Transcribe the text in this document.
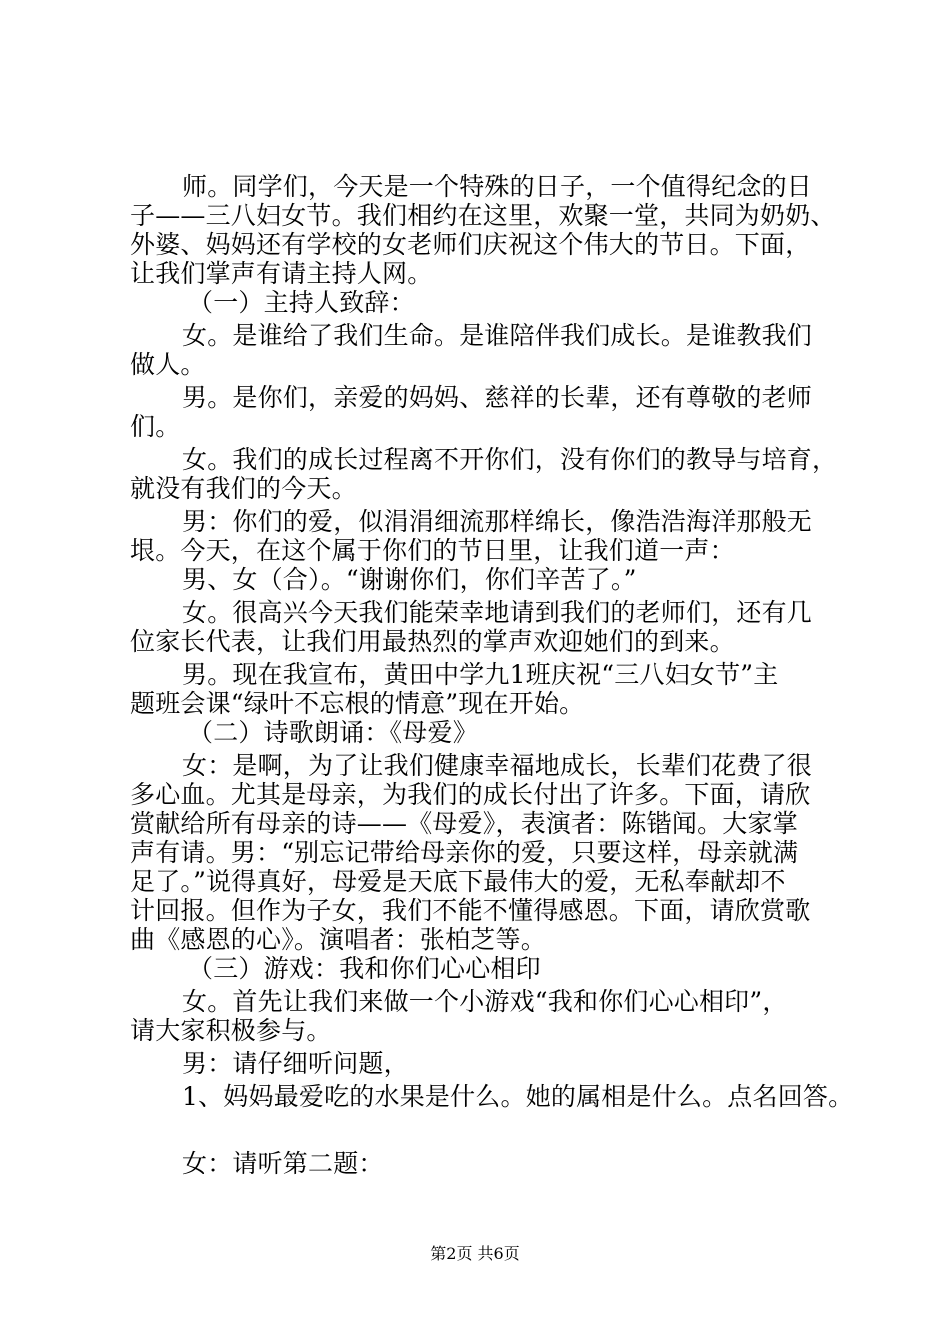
师。同学们，今天是一个特殊的日子，一个值得纪念的日
子——三八妇女节。我们相约在这里，欢聚一堂，共同为奶奶、
外婆、妈妈还有学校的女老师们庆祝这个伟大的节日。下面，
让我们掌声有请主持人网。
（一）主持人致辞：
女。是谁给了我们生命。是谁陪伴我们成长。是谁教我们
做人。
男。是你们，亲爱的妈妈、慈祥的长辈，还有尊敬的老师
们。
女。我们的成长过程离不开你们，没有你们的教导与培育，
就没有我们的今天。
男：你们的爱，似涓涓细流那样绵长，像浩浩海洋那般无
垠。今天，在这个属于你们的节日里，让我们道一声：
男、女（合）。“谢谢你们，你们辛苦了。”
女。很高兴今天我们能荣幸地请到我们的老师们，还有几
位家长代表，让我们用最热烈的掌声欢迎她们的到来。
男。现在我宣布，黄田中学九1班庆祝“三八妇女节”主
题班会课“绿叶不忘根的情意”现在开始。
（二）诗歌朗诵：《母爱》
女：是啊，为了让我们健康幸福地成长，长辈们花费了很
多心血。尤其是母亲，为我们的成长付出了许多。下面，请欣
赏献给所有母亲的诗——《母爱》，表演者：陈锴闻。大家掌
声有请。男：“别忘记带给母亲你的爱，只要这样，母亲就满
足了。”说得真好，母爱是天底下最伟大的爱，无私奉献却不
计回报。但作为子女，我们不能不懂得感恩。下面，请欣赏歌
曲《感恩的心》。演唱者：张柏芝等。
（三）游戏：我和你们心心相印
女。首先让我们来做一个小游戏“我和你们心心相印”，
请大家积极参与。
男：请仔细听问题，
1、妈妈最爱吃的水果是什么。她的属相是什么。点名回答。
女：请听第二题：
第2页 共6页
